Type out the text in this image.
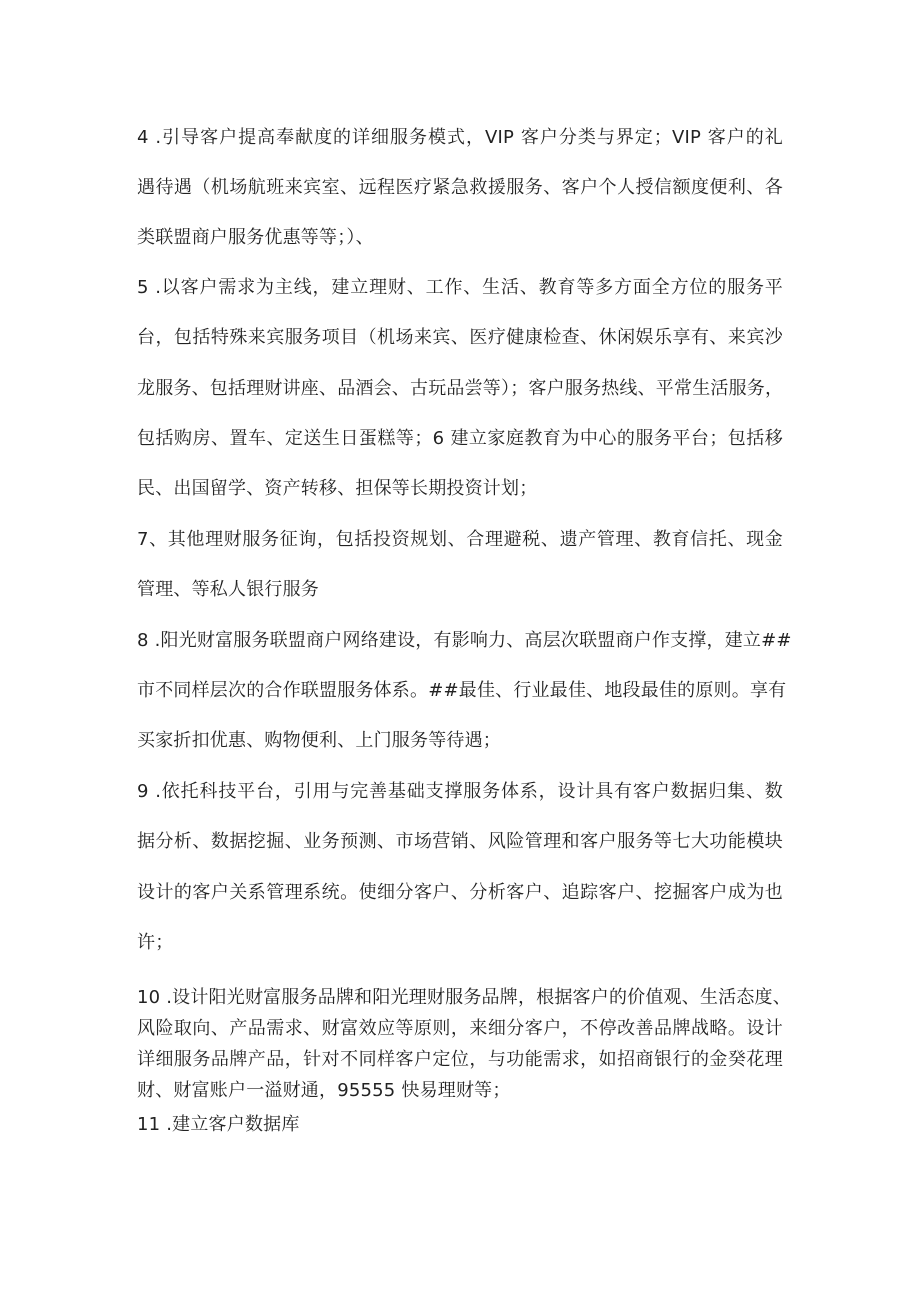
4 .引导客户提高奉献度的详细服务模式，VIP 客户分类与界定；VIP 客户的礼
遇待遇（机场航班来宾室、远程医疗紧急救援服务、客户个人授信额度便利、各
类联盟商户服务优惠等等；）、
5 .以客户需求为主线，建立理财、工作、生活、教育等多方面全方位的服务平
台，包括特殊来宾服务项目（机场来宾、医疗健康检查、休闲娱乐享有、来宾沙
龙服务、包括理财讲座、品酒会、古玩品尝等）；客户服务热线、平常生活服务，
包括购房、置车、定送生日蛋糕等；6 建立家庭教育为中心的服务平台；包括移
民、出国留学、资产转移、担保等长期投资计划；
7、其他理财服务征询，包括投资规划、合理避税、遗产管理、教育信托、现金
管理、等私人银行服务
8 .阳光财富服务联盟商户网络建设，有影响力、高层次联盟商户作支撑，建立##
市不同样层次的合作联盟服务体系。##最佳、行业最佳、地段最佳的原则。享有
买家折扣优惠、购物便利、上门服务等待遇；
9 .依托科技平台，引用与完善基础支撑服务体系，设计具有客户数据归集、数
据分析、数据挖掘、业务预测、市场营销、风险管理和客户服务等七大功能模块
设计的客户关系管理系统。使细分客户、分析客户、追踪客户、挖掘客户成为也
许；
10 .设计阳光财富服务品牌和阳光理财服务品牌，根据客户的价值观、生活态度、
风险取向、产品需求、财富效应等原则，来细分客户，不停改善品牌战略。设计
详细服务品牌产品，针对不同样客户定位，与功能需求，如招商银行的金癸花理
财、财富账户一溢财通，95555 快易理财等；
11 .建立客户数据库
